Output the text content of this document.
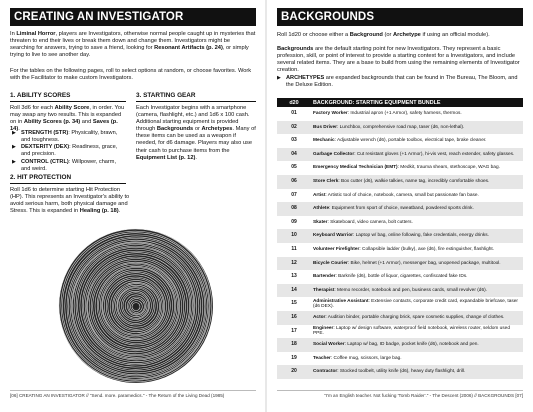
CREATING AN INVESTIGATOR

In Liminal Horror, players are Investigators, otherwise normal people caught up in mysteries that threaten to end their lives or break them down and change them. Investigators might be searching for answers, trying to save a friend, looking for Resonant Artifacts (p. 24), or simply trying to live to see another day.

For the tables on the following pages, roll to select options at random, or choose favorites. Work with the Facilitator to make custom Investigators.

1. ABILITY SCORES

Roll 3d6 for each Ability Score, in order. You may swap any two results. This is expanded on in Ability Scores (p. 34) and Saves (p. 14).

▶ STRENGTH (STR): Physicality, brawn, and toughness.
▶ DEXTERITY (DEX): Readiness, grace, and precision.
▶ CONTROL (CTRL): Willpower, charm, and weird.
3. STARTING GEAR

Each Investigator begins with a smartphone (camera, flashlight, etc.) and 1d6 x 100 cash. Additional starting equipment is provided through Backgrounds or Archetypes. Many of these items can be used as a weapon if needed, for d6 damage. Players may also use their cash to purchase items from the Equipment List (p. 12).

2. HIT PROTECTION

Roll 1d6 to determine starting Hit Protection (HP). This represents an Investigator's ability to avoid serious harm, both physical damage and Stress. This is expanded in Healing (p. 18).

[06] CREATING AN INVESTIGATOR // "Send. more. paramedics." - The Return of the Living Dead (1985)
BACKGROUNDS

Roll 1d20 or choose either a Background (or Archetype if using an official module).

Backgrounds are the default starting point for new Investigators. They represent a basic profession, skill, or point of interest to provide a starting context for a Investigators, and include several related items. They are a base to build from using the remaining elements of Investigator creation.

▶ ARCHETYPES are expanded backgrounds that can be found in The Bureau, The Bloom, and the Deluxe Edition.
d20	BACKGROUND: STARTING EQUIPMENT BUNDLE
01	Factory Worker: Industrial apron (+1 Armor), safety harness, thermos.
02	Bus Driver: Lunchbox, comprehensive road map, taser (d6, non-lethal).
03	Mechanic: Adjustable wrench (d6), portable toolbox, electrical tape, brake cleaner.
04	Garbage Collector: Cut resistant gloves (+1 Armor), hi-vis vest, reach extender, safety glasses.
05	Emergency Medical Technician (EMT): Medkit, trauma shears, stethoscope, WAG bag.
06	Store Clerk: Box cutter (d6), walkie talkies, name tag, incredibly comfortable shoes.
07	Artist: Artistic tool of choice, notebook, camera, small but passionate fan base.
08	Athlete: Equipment from sport of choice, sweatband, powdered sports drink.
09	Skater: Skateboard, video camera, bolt cutters.
10	Keyboard Warrior: Laptop w/ bag, online following, fake credentials, energy drinks.
11	Volunteer Firefighter: Collapsible ladder (bulky), axe (d6), fire extinguisher, flashlight.
12	Bicycle Courier: Bike, helmet (+1 Armor), messenger bag, unopened package, multitool.
13	Bartender: Barknife (d6), bottle of liquor, cigarettes, confiscated fake IDs.
14	Therapist: Memo recorder, notebook and pen, business cards, small revolver (d6).
15	Administrative Assistant: Extensive contacts, corporate credit card, expandable briefcase, taser (d6 DEX).
16	Actor: Audition binder, portable charging brick, spare cosmetic supplies, change of clothes.
17	Engineer: Laptop w/ design software, waterproof field notebook, wireless router, seldom used PPE.
18	Social Worker: Laptop w/ bag, ID badge, pocket knife (d6), notebook and pen.
19	Teacher: Coffee mug, scissors, large bag.
20	Contractor: Stocked toolbelt, utility knife (d6), heavy duty flashlight, drill.
"I'm an English teacher. Not fucking 'Tomb Raider'." - The Descent (2006) // BACKGROUNDS [07]
